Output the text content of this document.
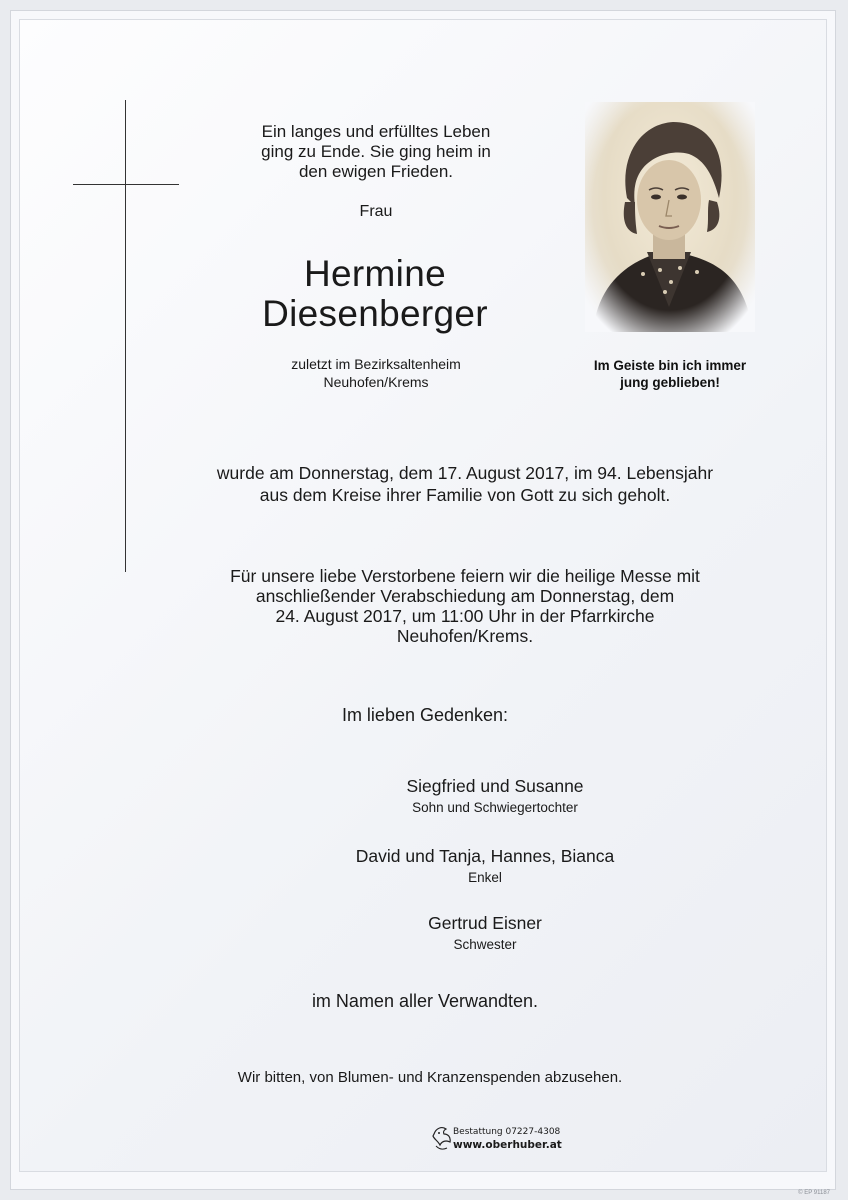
Ein langes und erfülltes Leben
ging zu Ende. Sie ging heim in
den ewigen Frieden.
Frau
Hermine
Diesenberger
zuletzt im Bezirksaltenheim
Neuhofen/Krems
Im Geiste bin ich immer
jung geblieben!
wurde am Donnerstag, dem 17. August 2017, im 94. Lebensjahr
aus dem Kreise ihrer Familie von Gott zu sich geholt.
Für unsere liebe Verstorbene feiern wir die heilige Messe mit
anschließender Verabschiedung am Donnerstag, dem
24. August 2017, um 11:00 Uhr in der Pfarrkirche
Neuhofen/Krems.
Im lieben Gedenken:
Siegfried und Susanne
Sohn und Schwiegertochter
David und Tanja, Hannes, Bianca
Enkel
Gertrud Eisner
Schwester
im Namen aller Verwandten.
Wir bitten, von Blumen- und Kranzenspenden abzusehen.
Bestattung 07227-4308
www.oberhuber.at
© EP 91187
